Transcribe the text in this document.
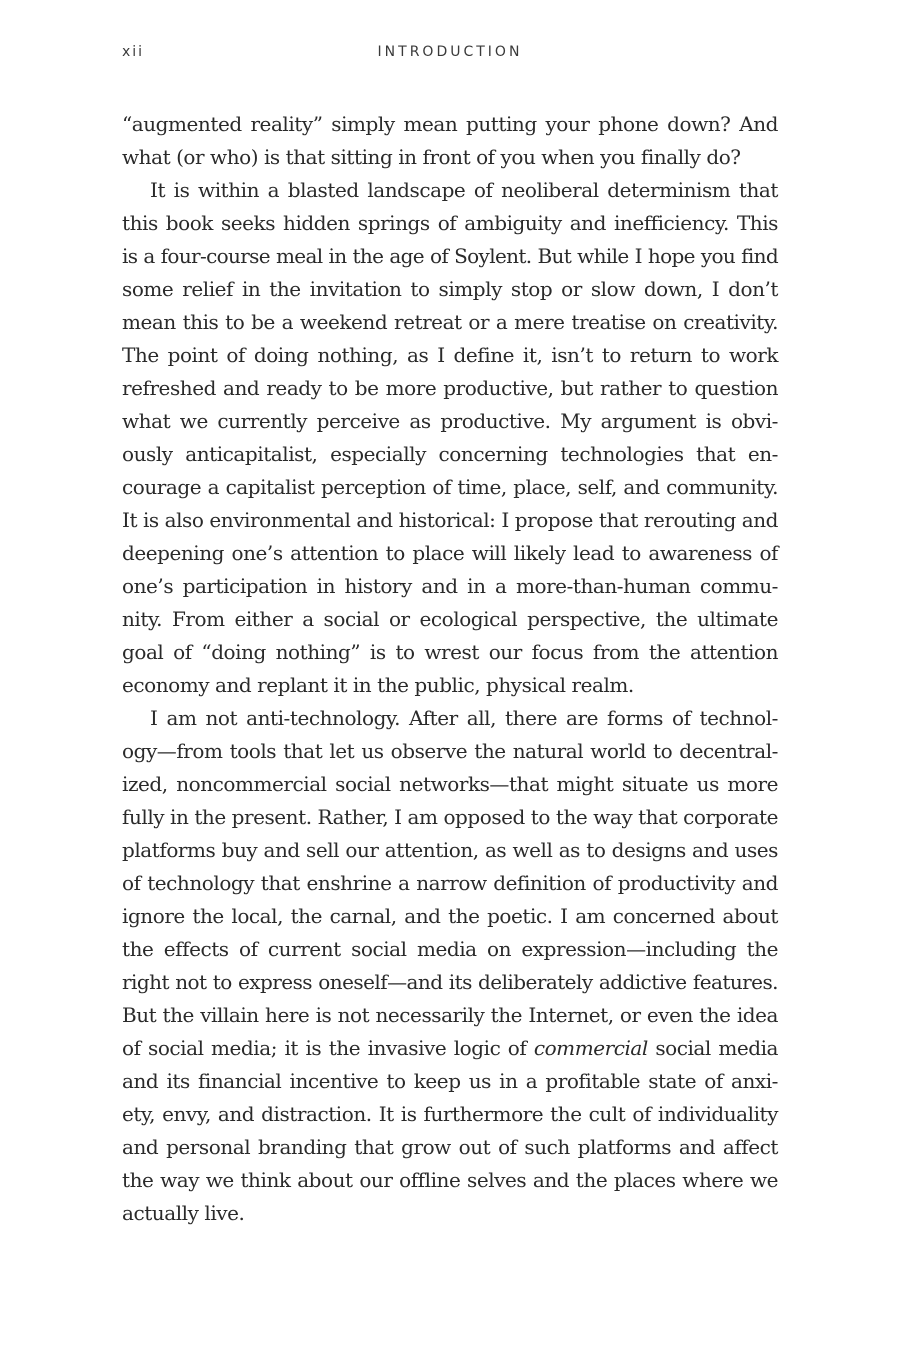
xii	INTRODUCTION
“augmented reality” simply mean putting your phone down? And
what (or who) is that sitting in front of you when you finally do?
It is within a blasted landscape of neoliberal determinism that
this book seeks hidden springs of ambiguity and inefficiency. This
is a four-course meal in the age of Soylent. But while I hope you find
some relief in the invitation to simply stop or slow down, I don’t
mean this to be a weekend retreat or a mere treatise on creativity.
The point of doing nothing, as I define it, isn’t to return to work
refreshed and ready to be more productive, but rather to question
what we currently perceive as productive. My argument is obvi-
ously anticapitalist, especially concerning technologies that en-
courage a capitalist perception of time, place, self, and community.
It is also environmental and historical: I propose that rerouting and
deepening one’s attention to place will likely lead to awareness of
one’s participation in history and in a more-than-human commu-
nity. From either a social or ecological perspective, the ultimate
goal of “doing nothing” is to wrest our focus from the attention
economy and replant it in the public, physical realm.
I am not anti-technology. After all, there are forms of technol-
ogy—from tools that let us observe the natural world to decentral-
ized, noncommercial social networks—that might situate us more
fully in the present. Rather, I am opposed to the way that corporate
platforms buy and sell our attention, as well as to designs and uses
of technology that enshrine a narrow definition of productivity and
ignore the local, the carnal, and the poetic. I am concerned about
the effects of current social media on expression—including the
right not to express oneself—and its deliberately addictive features.
But the villain here is not necessarily the Internet, or even the idea
of social media; it is the invasive logic of commercial social media
and its financial incentive to keep us in a profitable state of anxi-
ety, envy, and distraction. It is furthermore the cult of individuality
and personal branding that grow out of such platforms and affect
the way we think about our offline selves and the places where we
actually live.
